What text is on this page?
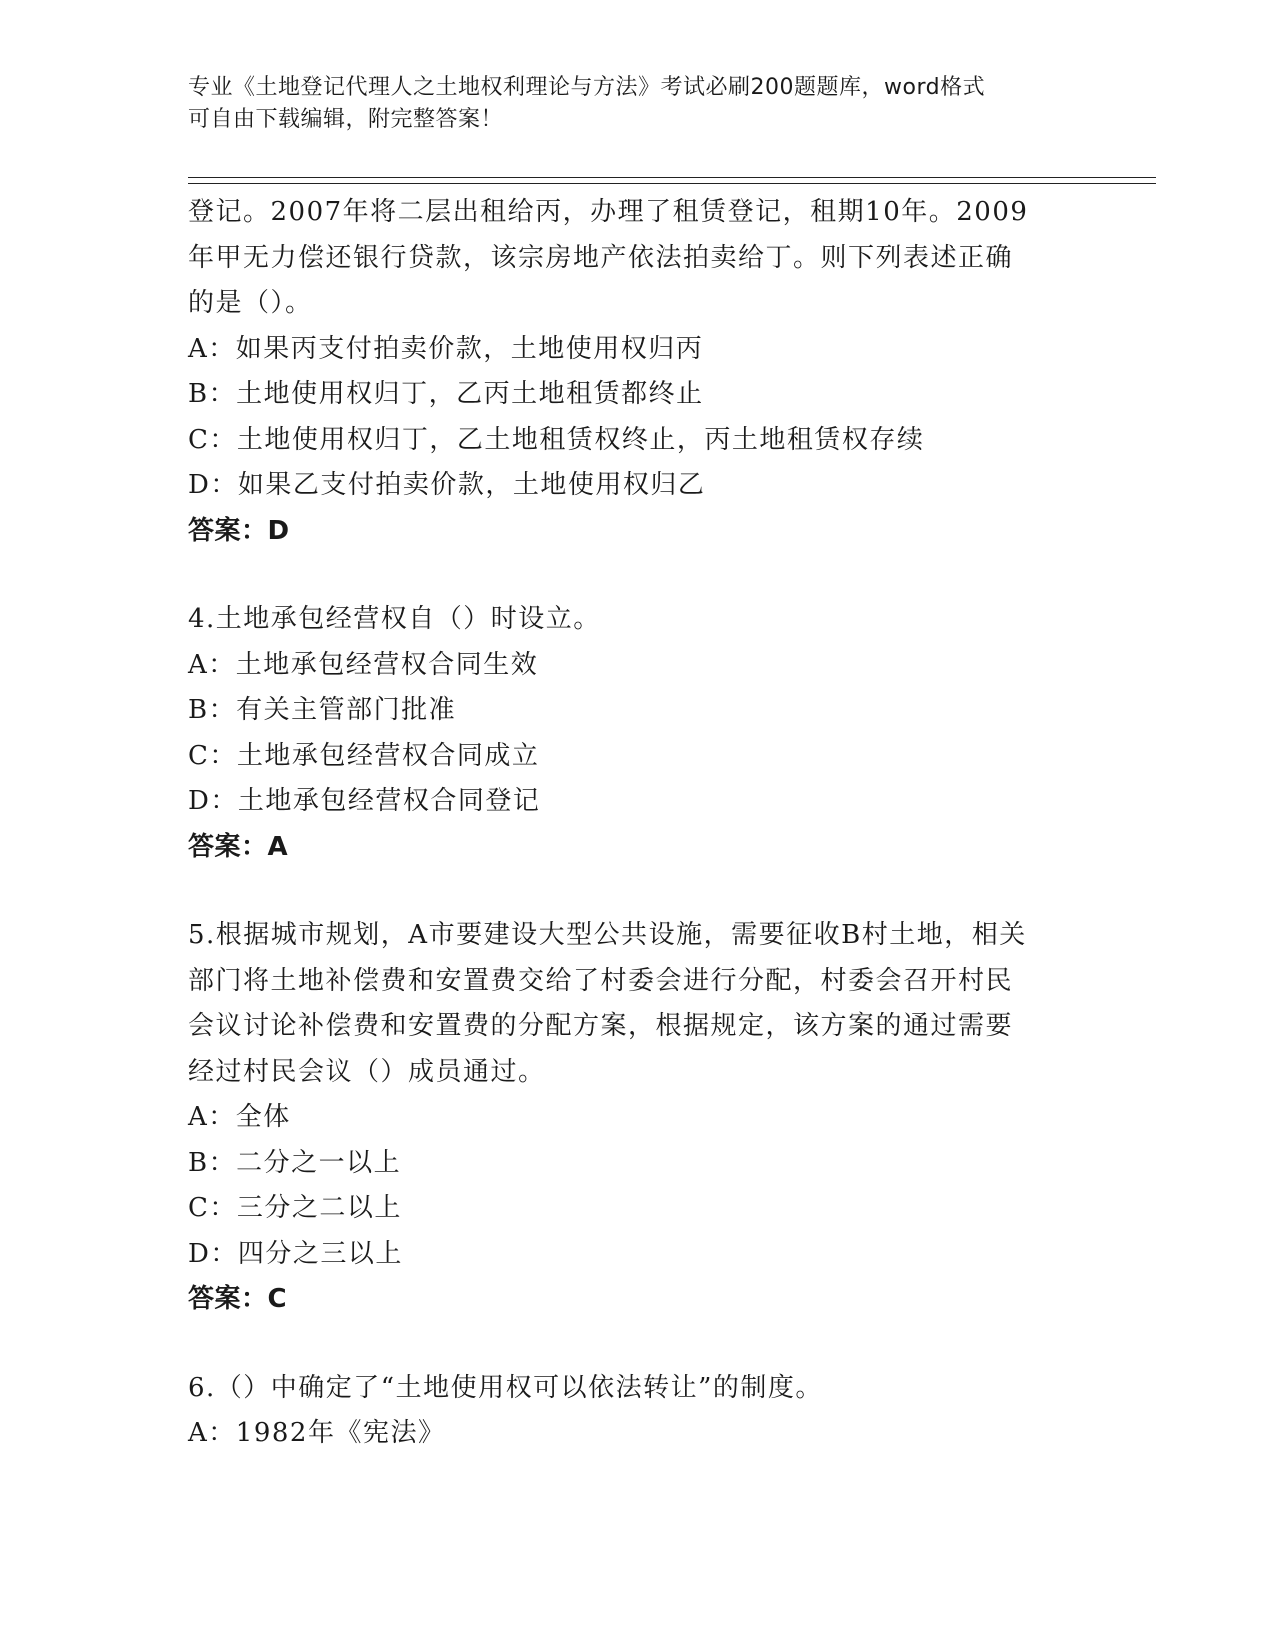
专业《土地登记代理人之土地权利理论与方法》考试必刷200题题库，word格式
可自由下载编辑，附完整答案！
登记。2007年将二层出租给丙，办理了租赁登记，租期10年。2009
年甲无力偿还银行贷款，该宗房地产依法拍卖给丁。则下列表述正确
的是（）。
A：如果丙支付拍卖价款，土地使用权归丙
B：土地使用权归丁，乙丙土地租赁都终止
C：土地使用权归丁，乙土地租赁权终止，丙土地租赁权存续
D：如果乙支付拍卖价款，土地使用权归乙
答案：D
4.土地承包经营权自（）时设立。
A：土地承包经营权合同生效
B：有关主管部门批准
C：土地承包经营权合同成立
D：土地承包经营权合同登记
答案：A
5.根据城市规划，A市要建设大型公共设施，需要征收B村土地，相关
部门将土地补偿费和安置费交给了村委会进行分配，村委会召开村民
会议讨论补偿费和安置费的分配方案，根据规定，该方案的通过需要
经过村民会议（）成员通过。
A：全体
B：二分之一以上
C：三分之二以上
D：四分之三以上
答案：C
6.（）中确定了“土地使用权可以依法转让”的制度。
A：1982年《宪法》
